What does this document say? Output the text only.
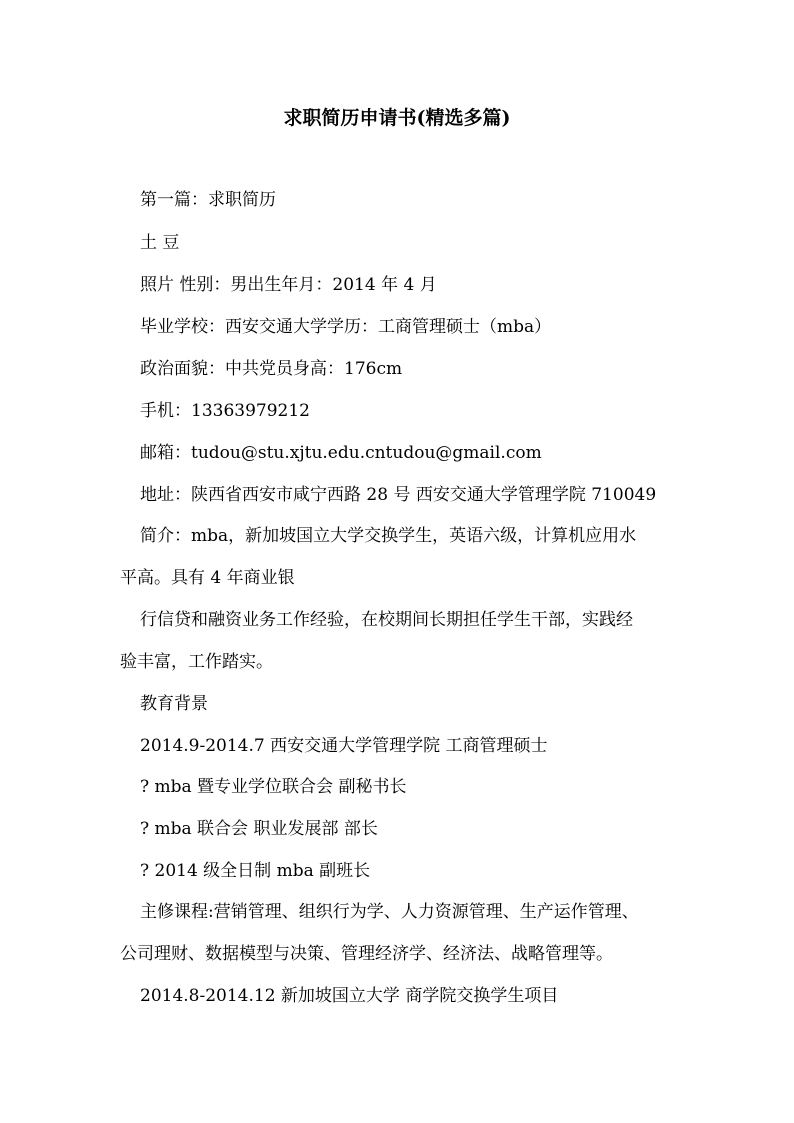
求职简历申请书(精选多篇)
第一篇：求职简历
土 豆
照片 性别：男出生年月：2014 年 4 月
毕业学校：西安交通大学学历：工商管理硕士（mba）
政治面貌：中共党员身高：176cm
手机：13363979212
邮箱：tudou@stu.xjtu.edu.cntudou@gmail.com
地址：陕西省西安市咸宁西路 28 号 西安交通大学管理学院 710049
简介：mba，新加坡国立大学交换学生，英语六级，计算机应用水
平高。具有 4 年商业银
行信贷和融资业务工作经验，在校期间长期担任学生干部，实践经
验丰富，工作踏实。
教育背景
2014.9-2014.7 西安交通大学管理学院 工商管理硕士
? mba 暨专业学位联合会 副秘书长
? mba 联合会 职业发展部 部长
? 2014 级全日制 mba 副班长
主修课程:营销管理、组织行为学、人力资源管理、生产运作管理、
公司理财、数据模型与决策、管理经济学、经济法、战略管理等。
2014.8-2014.12 新加坡国立大学 商学院交换学生项目
